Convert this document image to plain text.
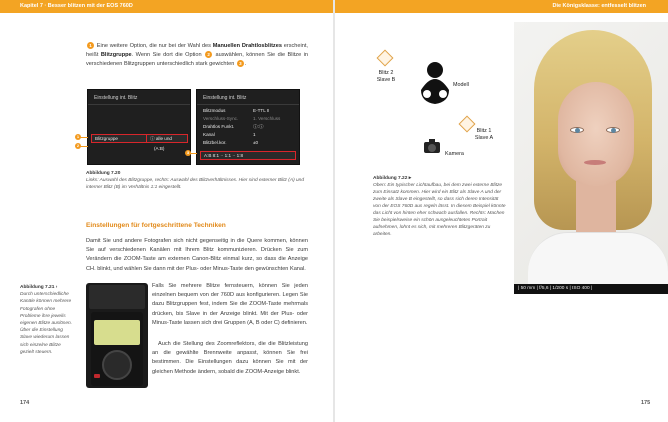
Kapitel 7 · Besser blitzen mit der EOS 760D
1 Eine weitere Option, die nur bei der Wahl des Manuellen Drahtlosblitzes erscheint, heißt Blitzgruppe. Wenn Sie dort die Option 2 auswählen, können Sie die Blitze in verschiedenen Blitzgruppen unterschiedlich stark gewichten 3 .
Einstellung int. Blitz
Blitzgruppe	ⓘ alle und
(A:B)
Einstellung int. Blitz
Blitzmodus	E-TTL II
Verschluss-Sync.	1. Verschluss
Drahtlos Funkt.	ⓘ:ⓘ
Kanal	1
Blitzbel.kor.	±0
A:B 8:1 ·· 1:1 ·· 1:8
1
2
3
Abbildung 7.20
Links: Auswahl des Blitzgruppe, rechts: Auswahl des Blitzverhältnisses. Hier sind externer Blitz (A) und interner Blitz (B) im Verhältnis 1:1 eingestellt.
Einstellungen für fortgeschrittene Techniken
Damit Sie und andere Fotografen sich nicht gegenseitig in die Quere kommen, können Sie auf verschiedenen Kanälen mit Ihrem Blitz kommunizieren. Drücken Sie zum Verändern die ZOOM-Taste am externen Canon-Blitz einmal kurz, so dass die Anzeige CH. blinkt, und wählen Sie dann mit der Plus- oder Minus-Taste den gewünschten Kanal.
Abbildung 7.21 ›
Durch unterschiedliche Kanäle können mehrere Fotografen ohne Probleme ihre jeweils eigenen Blitze auslösen. Über die Einstellung Slave wiederum lassen sich einzelne Blitze gezielt steuern.
Falls Sie mehrere Blitze fernsteuern, können Sie jeden einzelnen bequem von der 760D aus konfigurieren. Legen Sie dazu Blitzgruppen fest, indem Sie die ZOOM-Taste mehrmals drücken, bis Slave in der Anzeige blinkt. Mit der Plus- oder Minus-Taste lassen sich drei Gruppen (A, B oder C) definieren.
Auch die Stellung des Zoomreflektors, die die Blitzleistung an die gewählte Brennweite anpasst, können Sie frei bestimmen. Die Einstellungen dazu können Sie mit der gleichen Methode ändern, sobald die ZOOM-Anzeige blinkt.
174
Die Königsklasse: entfesselt blitzen
175
Blitz 2
Slave B
Modell
Blitz 1
Slave A
Kamera
Abbildung 7.22 ▸
Oben: Ein typischer Lichtaufbau, bei dem zwei externe Blitze zum Einsatz kommen. Hier wird ein Blitz als Slave A und der zweite als Slave B eingestellt, so dass sich deren Intensität von der EOS 760D aus regeln lässt. In diesem Beispiel könnte das Licht von hinten eher schwach ausfallen. Rechts: Machen Sie beispielsweise ein schön ausgeleuchtetes Portrait aufnehmen, lohnt es sich, mit mehreren Blitzgeräten zu arbeiten.
| 50 mm | f/5,6 | 1/200 s | ISO 400 |
